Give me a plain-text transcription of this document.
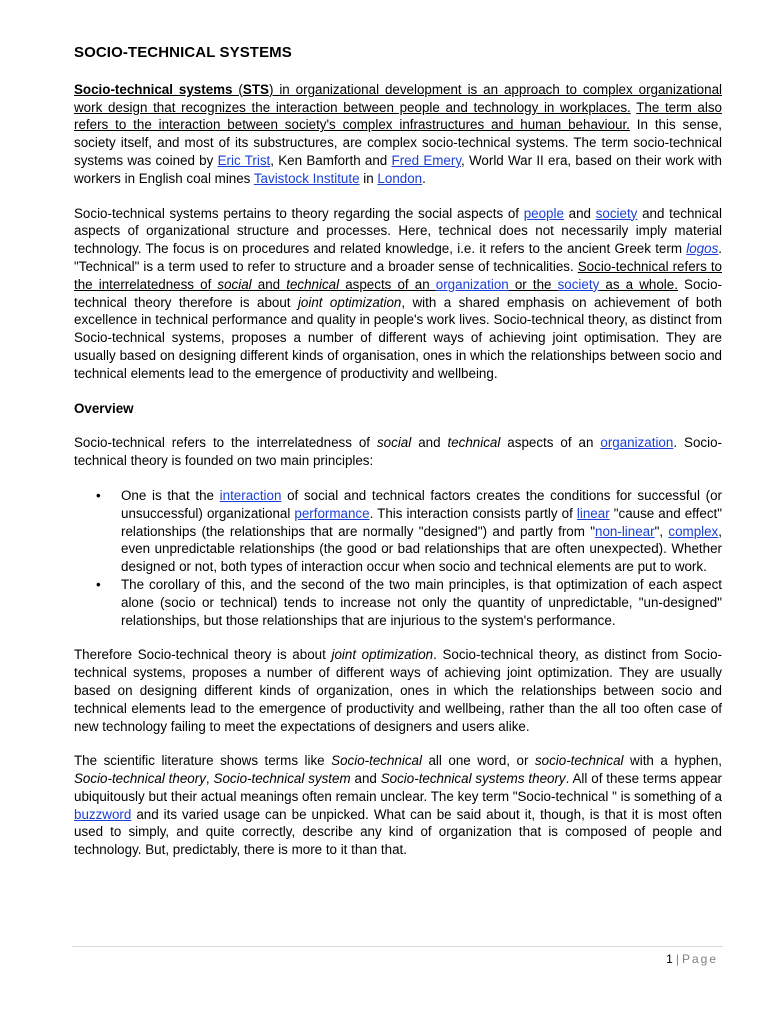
SOCIO-TECHNICAL SYSTEMS

Socio-technical systems (STS) in organizational development is an approach to complex organizational work design that recognizes the interaction between people and technology in workplaces. The term also refers to the interaction between society's complex infrastructures and human behaviour. In this sense, society itself, and most of its substructures, are complex socio-technical systems. The term socio-technical systems was coined by Eric Trist, Ken Bamforth and Fred Emery, World War II era, based on their work with workers in English coal mines Tavistock Institute in London.

Socio-technical systems pertains to theory regarding the social aspects of people and society and technical aspects of organizational structure and processes. Here, technical does not necessarily imply material technology. The focus is on procedures and related knowledge, i.e. it refers to the ancient Greek term logos. "Technical" is a term used to refer to structure and a broader sense of technicalities. Socio-technical refers to the interrelatedness of social and technical aspects of an organization or the society as a whole. Socio-technical theory therefore is about joint optimization, with a shared emphasis on achievement of both excellence in technical performance and quality in people's work lives. Socio-technical theory, as distinct from Socio-technical systems, proposes a number of different ways of achieving joint optimisation. They are usually based on designing different kinds of organisation, ones in which the relationships between socio and technical elements lead to the emergence of productivity and wellbeing.

Overview

Socio-technical refers to the interrelatedness of social and technical aspects of an organization. Socio-technical theory is founded on two main principles:

• One is that the interaction of social and technical factors creates the conditions for successful (or unsuccessful) organizational performance. This interaction consists partly of linear "cause and effect" relationships (the relationships that are normally "designed") and partly from "non-linear", complex, even unpredictable relationships (the good or bad relationships that are often unexpected). Whether designed or not, both types of interaction occur when socio and technical elements are put to work.
• The corollary of this, and the second of the two main principles, is that optimization of each aspect alone (socio or technical) tends to increase not only the quantity of unpredictable, "un-designed" relationships, but those relationships that are injurious to the system's performance.

Therefore Socio-technical theory is about joint optimization. Socio-technical theory, as distinct from Socio-technical systems, proposes a number of different ways of achieving joint optimization. They are usually based on designing different kinds of organization, ones in which the relationships between socio and technical elements lead to the emergence of productivity and wellbeing, rather than the all too often case of new technology failing to meet the expectations of designers and users alike.

The scientific literature shows terms like Socio-technical all one word, or socio-technical with a hyphen, Socio-technical theory, Socio-technical system and Socio-technical systems theory. All of these terms appear ubiquitously but their actual meanings often remain unclear. The key term "Socio-technical " is something of a buzzword and its varied usage can be unpicked. What can be said about it, though, is that it is most often used to simply, and quite correctly, describe any kind of organization that is composed of people and technology. But, predictably, there is more to it than that.

1 | Page
